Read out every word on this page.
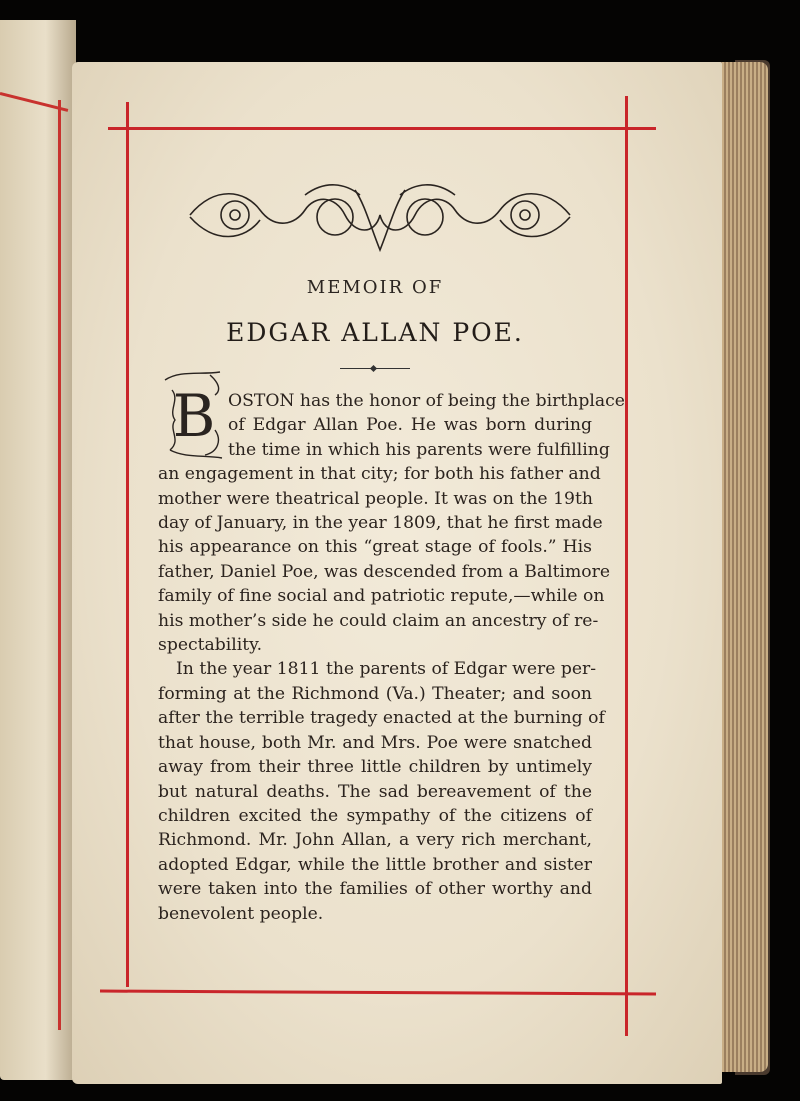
MEMOIR OF
EDGAR ALLAN POE.
B OSTON has the honor of being the birthplace
of Edgar Allan Poe. He was born during
the time in which his parents were fulfilling
an engagement in that city; for both his father and
mother were theatrical people. It was on the 19th
day of January, in the year 1809, that he first made
his appearance on this “great stage of fools.” His
father, Daniel Poe, was descended from a Baltimore
family of fine social and patriotic repute,—while on
his mother’s side he could claim an ancestry of re-
spectability.
In the year 1811 the parents of Edgar were per-
forming at the Richmond (Va.) Theater; and soon
after the terrible tragedy enacted at the burning of
that house, both Mr. and Mrs. Poe were snatched
away from their three little children by untimely
but natural deaths. The sad bereavement of the
children excited the sympathy of the citizens of
Richmond. Mr. John Allan, a very rich merchant,
adopted Edgar, while the little brother and sister
were taken into the families of other worthy and
benevolent people.
